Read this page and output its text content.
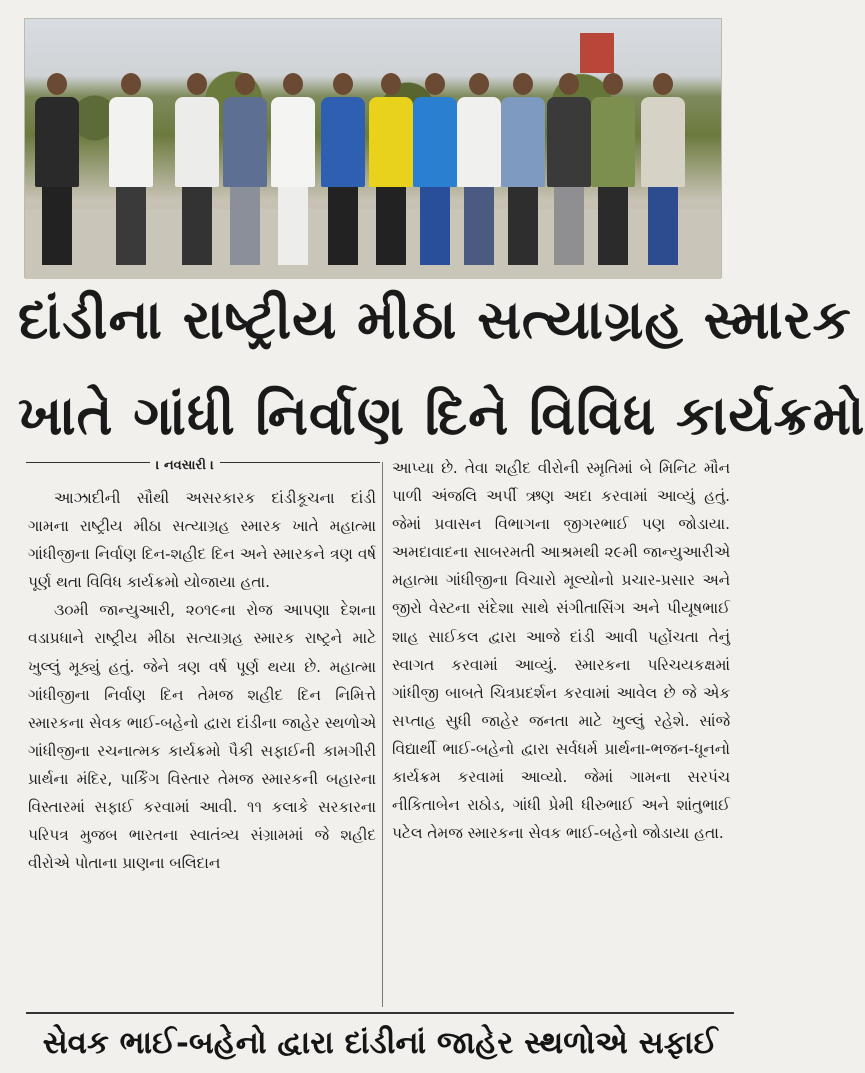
દાંડીના રાષ્ટ્રીય મીઠા સત્યાગ્રહ સ્મારક
ખાતે ગાંધી નિર્વાણ દિને વિવિધ કાર્યક્રમો
। નવસારી ।

આઝાદીની સૌથી અસરકારક દાંડીકૂચના દાંડી ગામના રાષ્ટ્રીય મીઠા સત્યાગ્રહ સ્મારક ખાતે મહાત્મા ગાંધીજીના નિર્વાણ દિન-શહીદ દિન અને સ્મારકને ત્રણ વર્ષ પૂર્ણ થતા વિવિધ કાર્યક્રમો યોજાયા હતા.

૩૦મી જાન્યુઆરી, ૨૦૧૯ના રોજ આપણા દેશના વડાપ્રધાને રાષ્ટ્રીય મીઠા સત્યાગ્રહ સ્મારક રાષ્ટ્રને માટે ખુલ્લું મૂક્યું હતું. જેને ત્રણ વર્ષ પૂર્ણ થયા છે. મહાત્મા ગાંધીજીના નિર્વાણ દિન તેમજ શહીદ દિન નિમિત્તે સ્મારકના સેવક ભાઈ-બહેનો દ્વારા દાંડીના જાહેર સ્થળોએ ગાંધીજીના રચનાત્મક કાર્યક્રમો પૈકી સફાઈની કામગીરી પ્રાર્થના મંદિર, પાર્કિંગ વિસ્તાર તેમજ સ્મારકની બહારના વિસ્તારમાં સફાઈ કરવામાં આવી. ૧૧ કલાકે સરકારના પરિપત્ર મુજબ ભારતના સ્વાતંત્ર્ય સંગ્રામમાં જે શહીદ વીરોએ પોતાના પ્રાણના બલિદાન

આપ્યા છે. તેવા શહીદ વીરોની સ્મૃતિમાં બે મિનિટ મૌન પાળી અંજલિ અર્પી ઋણ અદા કરવામાં આવ્યું હતું. જેમાં પ્રવાસન વિભાગના જીગરભાઈ પણ જોડાયા. અમદાવાદના સાબરમતી આશ્રમથી ૨૯મી જાન્યુઆરીએ મહાત્મા ગાંધીજીના વિચારો મૂલ્યોનો પ્રચાર-પ્રસાર અને જીરો વેસ્ટના સંદેશા સાથે સંગીતાસિંગ અને પીયૂષભાઈ શાહ સાઈકલ દ્વારા આજે દાંડી આવી પહોંચતા તેનું સ્વાગત કરવામાં આવ્યું. સ્મારકના પરિચયકક્ષમાં ગાંધીજી બાબતે ચિત્રપ્રદર્શન કરવામાં આવેલ છે જે એક સપ્તાહ સુધી જાહેર જનતા માટે ખુલ્લું રહેશે. સાંજે વિદ્યાર્થી ભાઈ-બહેનો દ્વારા સર્વધર્મ પ્રાર્થના-ભજન-ધૂનનો કાર્યક્રમ કરવામાં આવ્યો. જેમાં ગામના સરપંચ નીકિતાબેન રાઠોડ, ગાંધી પ્રેમી ધીરુભાઈ અને શાંતુભાઈ પટેલ તેમજ સ્મારકના સેવક ભાઈ-બહેનો જોડાયા હતા.

સેવક ભાઈ-બહેનો દ્વારા દાંડીનાં જાહેર સ્થળોએ સફાઈ
